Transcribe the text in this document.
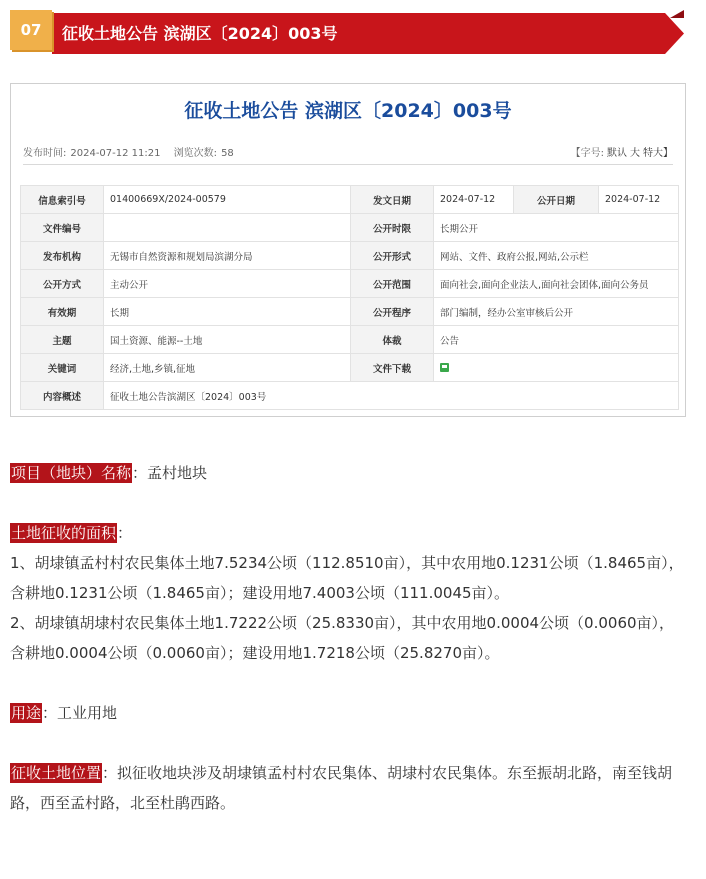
07	征收土地公告 滨湖区〔2024〕003号
征收土地公告 滨湖区〔2024〕003号
发布时间: 2024-07-12 11:21 浏览次数: 58	【字号: 默认 大 特大】
信息索引号	01400669X/2024-00579	发文日期	2024-07-12	公开日期	2024-07-12
文件编号		公开时限	长期公开		
发布机构	无锡市自然资源和规划局滨湖分局	公开形式	网站、文件、政府公报,网站,公示栏		
公开方式	主动公开	公开范围	面向社会,面向企业法人,面向社会团体,面向公务员		
有效期	长期	公开程序	部门编制，经办公室审核后公开		
主题	国土资源、能源--土地	体裁	公告		
关键词	经济,土地,乡镇,征地	文件下载			
内容概述	征收土地公告滨湖区〔2024〕003号				

项目（地块）名称：孟村地块

土地征收的面积：

1、胡埭镇孟村村农民集体土地7.5234公顷（112.8510亩），其中农用地0.1231公顷（1.8465亩），含耕地0.1231公顷（1.8465亩）；建设用地7.4003公顷（111.0045亩）。

2、胡埭镇胡埭村农民集体土地1.7222公顷（25.8330亩），其中农用地0.0004公顷（0.0060亩），含耕地0.0004公顷（0.0060亩）；建设用地1.7218公顷（25.8270亩）。

用途：工业用地

征收土地位置：拟征收地块涉及胡埭镇孟村村农民集体、胡埭村农民集体。东至振胡北路，南至钱胡路，西至孟村路，北至杜鹃西路。
